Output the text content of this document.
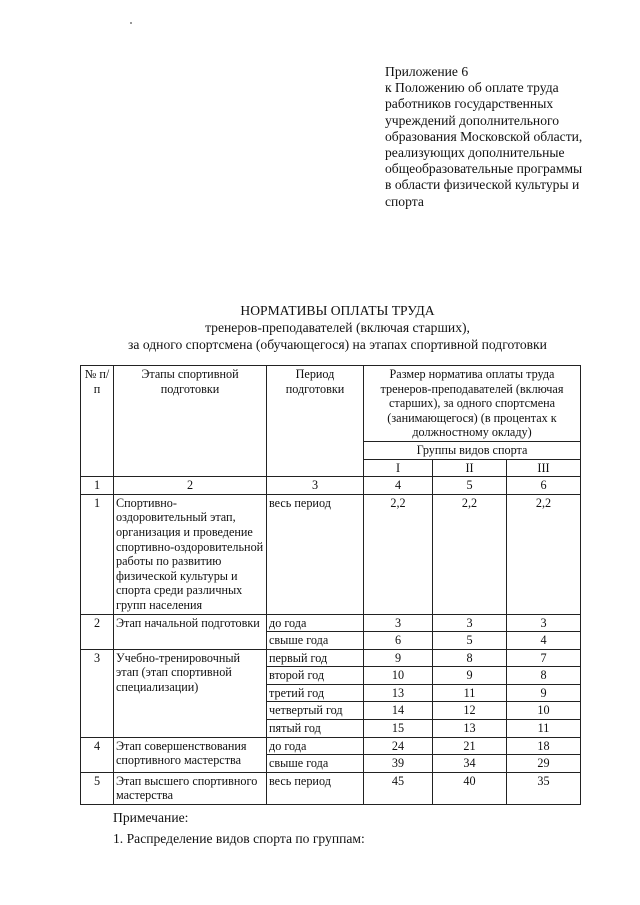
Приложение 6
к Положению об оплате труда
работников государственных
учреждений дополнительного
образования Московской области,
реализующих дополнительные
общеобразовательные программы
в области физической культуры и
спорта
НОРМАТИВЫ ОПЛАТЫ ТРУДА
тренеров-преподавателей (включая старших),
за одного спортсмена (обучающегося) на этапах спортивной подготовки
№ п/п	Этапы спортивной подготовки	Период подготовки	Размер норматива оплаты труда тренеров-преподавателей (включая старших), за одного спортсмена (занимающегося) (в процентах к должностному окладу)		
			Группы видов спорта		
			I	II	III
1	2	3	4	5	6
1	Спортивно-оздоровительный этап, организация и проведение спортивно-оздоровительной работы по развитию физической культуры и спорта среди различных групп населения	весь период	2,2	2,2	2,2
2	Этап начальной подготовки	до года	3	3	3
		свыше года	6	5	4
3	Учебно-тренировочный этап (этап спортивной специализации)	первый год	9	8	7
		второй год	10	9	8
		третий год	13	11	9
		четвертый год	14	12	10
		пятый год	15	13	11
4	Этап совершенствования спортивного мастерства	до года	24	21	18
		свыше года	39	34	29
5	Этап высшего спортивного мастерства	весь период	45	40	35
Примечание:
1. Распределение видов спорта по группам:
